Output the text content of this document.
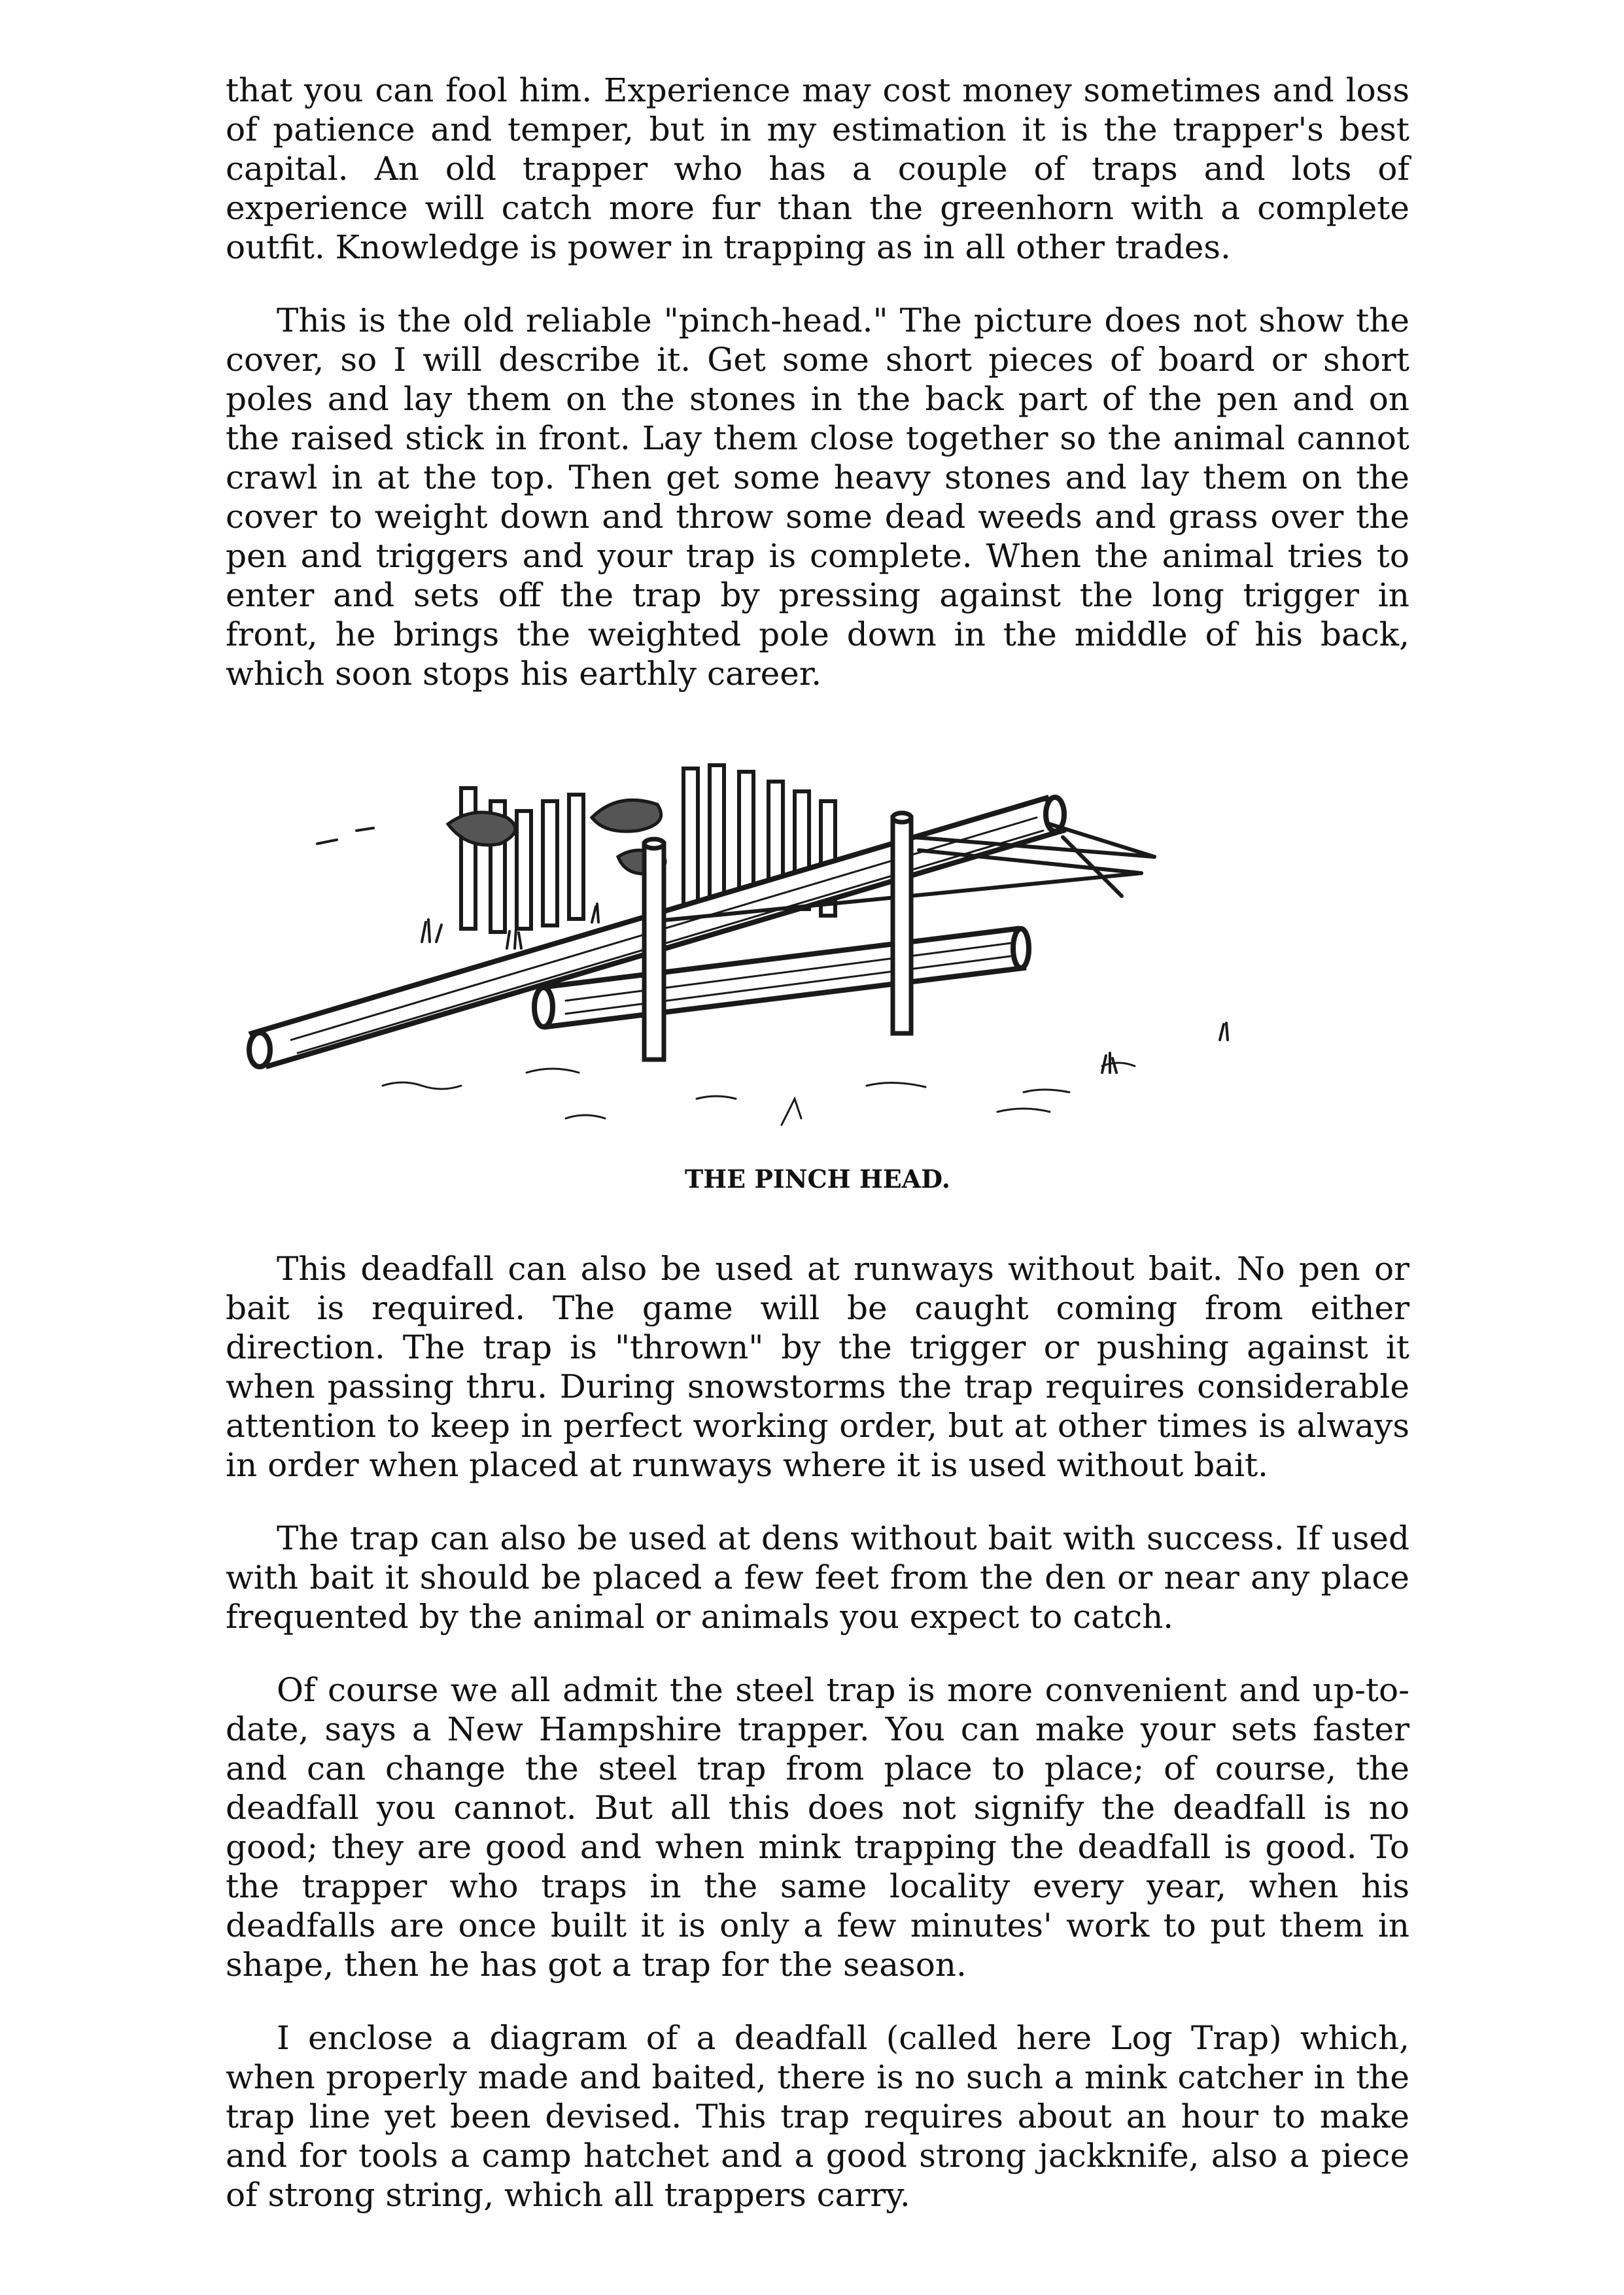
that you can fool him. Experience may cost money sometimes and loss of patience and temper, but in my estimation it is the trapper's best capital. An old trapper who has a couple of traps and lots of experience will catch more fur than the greenhorn with a complete outfit. Knowledge is power in trapping as in all other trades.

This is the old reliable "pinch-head." The picture does not show the cover, so I will describe it. Get some short pieces of board or short poles and lay them on the stones in the back part of the pen and on the raised stick in front. Lay them close together so the animal cannot crawl in at the top. Then get some heavy stones and lay them on the cover to weight down and throw some dead weeds and grass over the pen and triggers and your trap is complete. When the animal tries to enter and sets off the trap by pressing against the long trigger in front, he brings the weighted pole down in the middle of his back, which soon stops his earthly career.

THE PINCH HEAD.

This deadfall can also be used at runways without bait. No pen or bait is required. The game will be caught coming from either direction. The trap is "thrown" by the trigger or pushing against it when passing thru. During snowstorms the trap requires considerable attention to keep in perfect working order, but at other times is always in order when placed at runways where it is used without bait.

The trap can also be used at dens without bait with success. If used with bait it should be placed a few feet from the den or near any place frequented by the animal or animals you expect to catch.

Of course we all admit the steel trap is more convenient and up-to-date, says a New Hampshire trapper. You can make your sets faster and can change the steel trap from place to place; of course, the deadfall you cannot. But all this does not signify the deadfall is no good; they are good and when mink trapping the deadfall is good. To the trapper who traps in the same locality every year, when his deadfalls are once built it is only a few minutes' work to put them in shape, then he has got a trap for the season.

I enclose a diagram of a deadfall (called here Log Trap) which, when properly made and baited, there is no such a mink catcher in the trap line yet been devised. This trap requires about an hour to make and for tools a camp hatchet and a good strong jackknife, also a piece of strong string, which all trappers carry.
